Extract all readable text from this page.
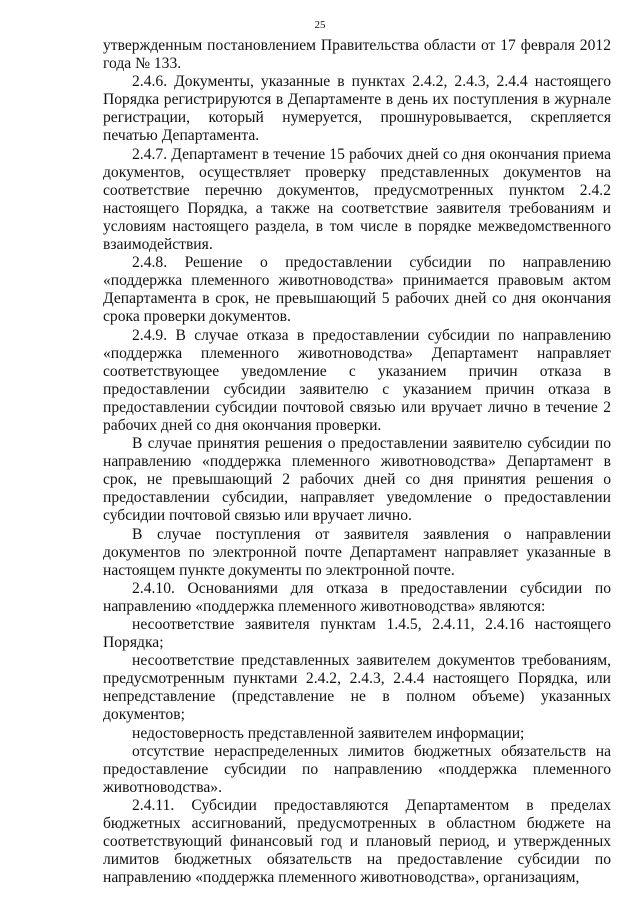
25

утвержденным постановлением Правительства области от 17 февраля 2012 года № 133.

2.4.6. Документы, указанные в пунктах 2.4.2, 2.4.3, 2.4.4 настоящего Порядка регистрируются в Департаменте в день их поступления в журнале регистрации, который нумеруется, прошнуровывается, скрепляется печатью Департамента.

2.4.7. Департамент в течение 15 рабочих дней со дня окончания приема документов, осуществляет проверку представленных документов на соответствие перечню документов, предусмотренных пунктом 2.4.2 настоящего Порядка, а также на соответствие заявителя требованиям и условиям настоящего раздела, в том числе в порядке межведомственного взаимодействия.

2.4.8. Решение о предоставлении субсидии по направлению «поддержка племенного животноводства» принимается правовым актом Департамента в срок, не превышающий 5 рабочих дней со дня окончания срока проверки документов.

2.4.9. В случае отказа в предоставлении субсидии по направлению «поддержка племенного животноводства» Департамент направляет соответствующее уведомление с указанием причин отказа в предоставлении субсидии заявителю с указанием причин отказа в предоставлении субсидии почтовой связью или вручает лично в течение 2 рабочих дней со дня окончания проверки.

В случае принятия решения о предоставлении заявителю субсидии по направлению «поддержка племенного животноводства» Департамент в срок, не превышающий 2 рабочих дней со дня принятия решения о предоставлении субсидии, направляет уведомление о предоставлении субсидии почтовой связью или вручает лично.

В случае поступления от заявителя заявления о направлении документов по электронной почте Департамент направляет указанные в настоящем пункте документы по электронной почте.

2.4.10. Основаниями для отказа в предоставлении субсидии по направлению «поддержка племенного животноводства» являются:

несоответствие заявителя пунктам 1.4.5, 2.4.11, 2.4.16 настоящего Порядка;

несоответствие представленных заявителем документов требованиям, предусмотренным пунктами 2.4.2, 2.4.3, 2.4.4 настоящего Порядка, или непредставление (представление не в полном объеме) указанных документов;

недостоверность представленной заявителем информации;

отсутствие нераспределенных лимитов бюджетных обязательств на предоставление субсидии по направлению «поддержка племенного животноводства».

2.4.11. Субсидии предоставляются Департаментом в пределах бюджетных ассигнований, предусмотренных в областном бюджете на соответствующий финансовый год и плановый период, и утвержденных лимитов бюджетных обязательств на предоставление субсидии по направлению «поддержка племенного животноводства», организациям,
